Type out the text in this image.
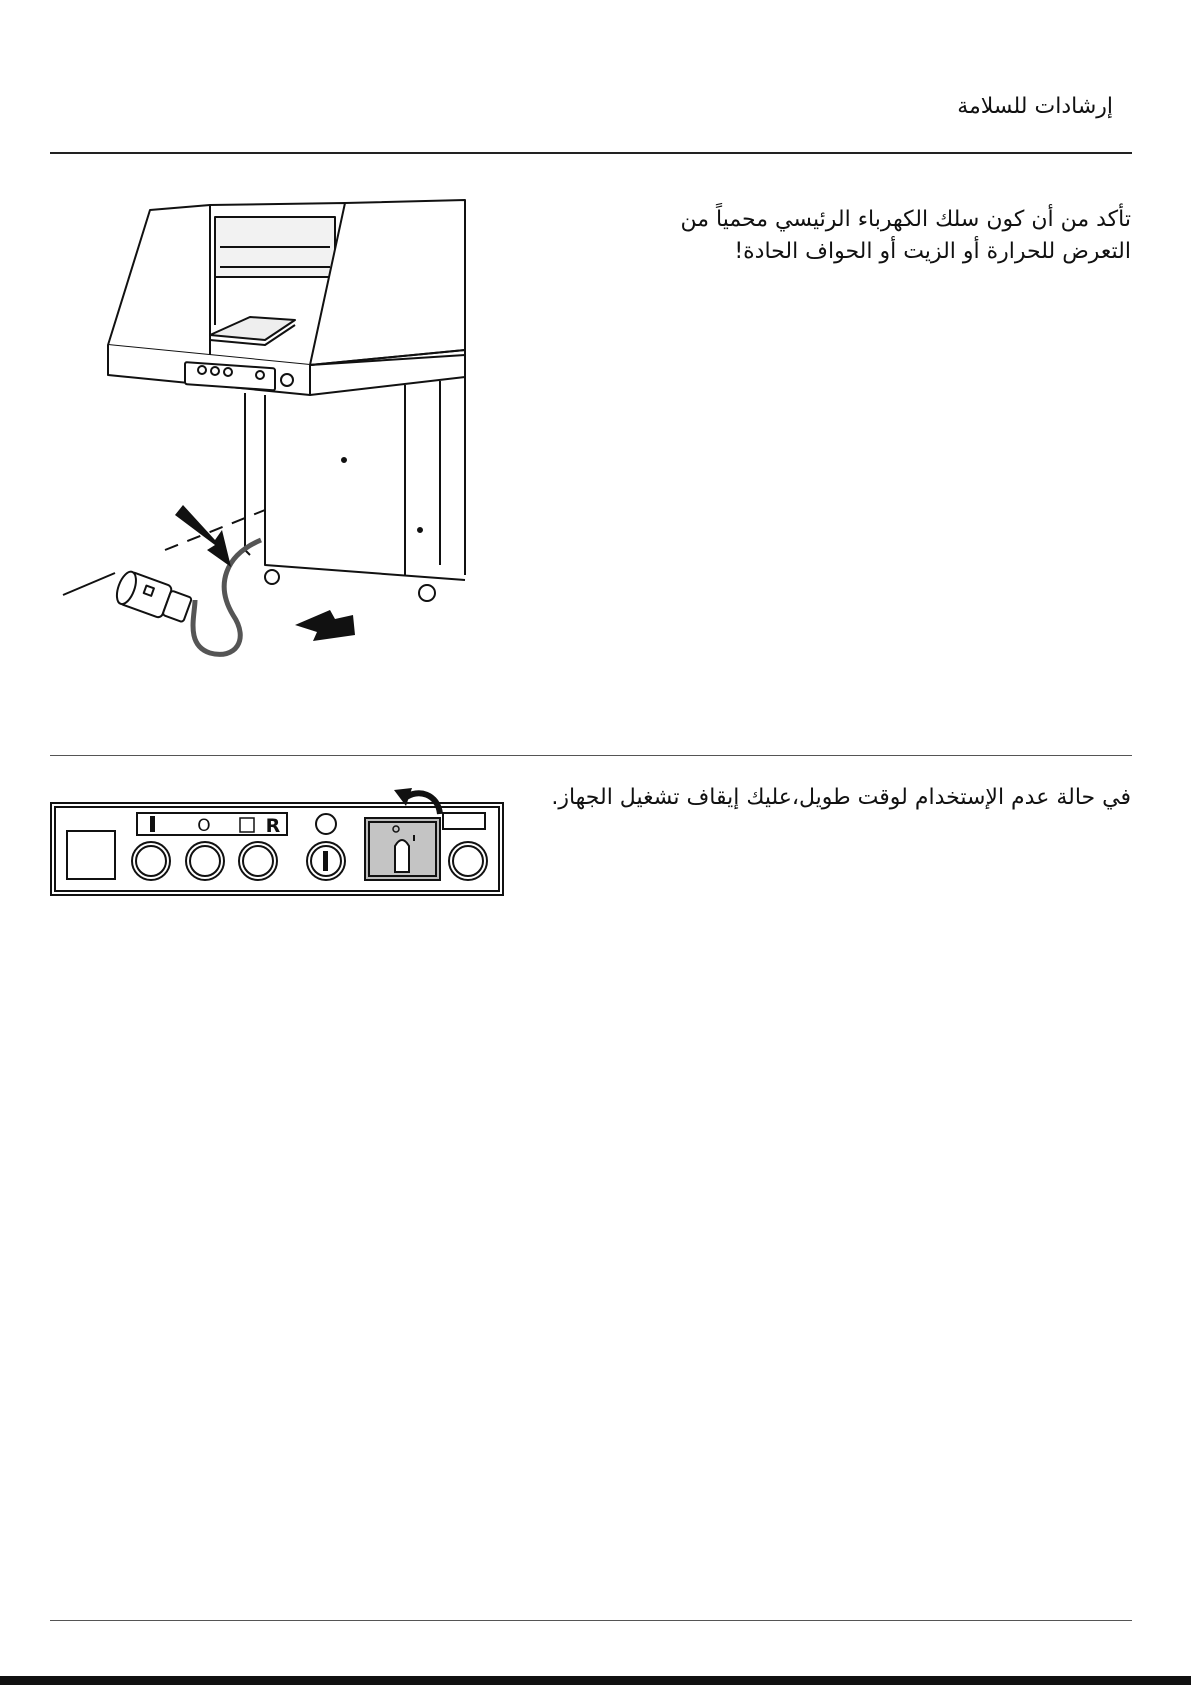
إرشادات للسلامة
تأكد من أن كون سلك الكهرباء الرئيسي محمياً من
التعرض للحرارة أو الزيت أو الحواف الحادة!
O	R
في حالة عدم الإستخدام لوقت طويل،عليك إيقاف تشغيل الجهاز.
